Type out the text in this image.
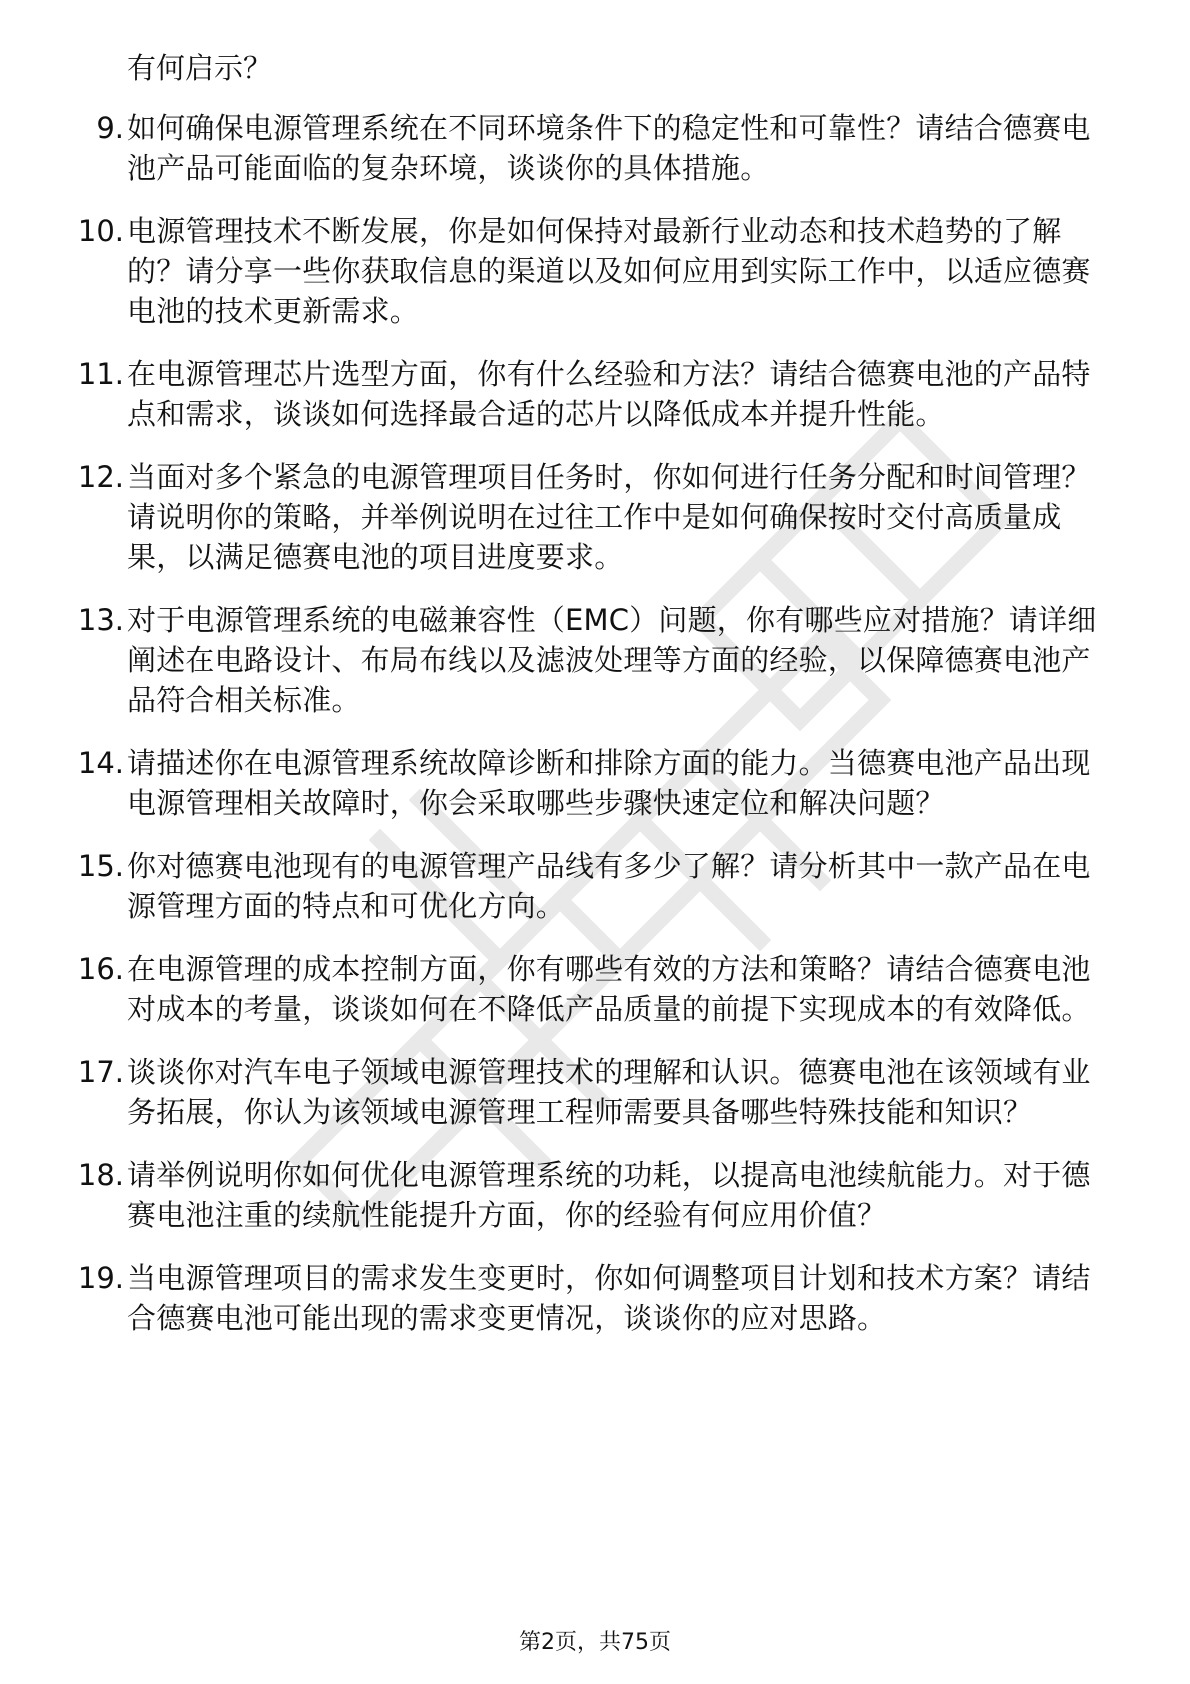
有何启示？
9. 如何确保电源管理系统在不同环境条件下的稳定性和可靠性？请结合德赛电池产品可能面临的复杂环境，谈谈你的具体措施。
10. 电源管理技术不断发展，你是如何保持对最新行业动态和技术趋势的了解的？请分享一些你获取信息的渠道以及如何应用到实际工作中，以适应德赛电池的技术更新需求。
11. 在电源管理芯片选型方面，你有什么经验和方法？请结合德赛电池的产品特点和需求，谈谈如何选择最合适的芯片以降低成本并提升性能。
12. 当面对多个紧急的电源管理项目任务时，你如何进行任务分配和时间管理？请说明你的策略，并举例说明在过往工作中是如何确保按时交付高质量成果，以满足德赛电池的项目进度要求。
13. 对于电源管理系统的电磁兼容性（EMC）问题，你有哪些应对措施？请详细阐述在电路设计、布局布线以及滤波处理等方面的经验，以保障德赛电池产品符合相关标准。
14. 请描述你在电源管理系统故障诊断和排除方面的能力。当德赛电池产品出现电源管理相关故障时，你会采取哪些步骤快速定位和解决问题？
15. 你对德赛电池现有的电源管理产品线有多少了解？请分析其中一款产品在电源管理方面的特点和可优化方向。
16. 在电源管理的成本控制方面，你有哪些有效的方法和策略？请结合德赛电池对成本的考量，谈谈如何在不降低产品质量的前提下实现成本的有效降低。
17. 谈谈你对汽车电子领域电源管理技术的理解和认识。德赛电池在该领域有业务拓展，你认为该领域电源管理工程师需要具备哪些特殊技能和知识？
18. 请举例说明你如何优化电源管理系统的功耗，以提高电池续航能力。对于德赛电池注重的续航性能提升方面，你的经验有何应用价值？
19. 当电源管理项目的需求发生变更时，你如何调整项目计划和技术方案？请结合德赛电池可能出现的需求变更情况，谈谈你的应对思路。
第2页，共75页
